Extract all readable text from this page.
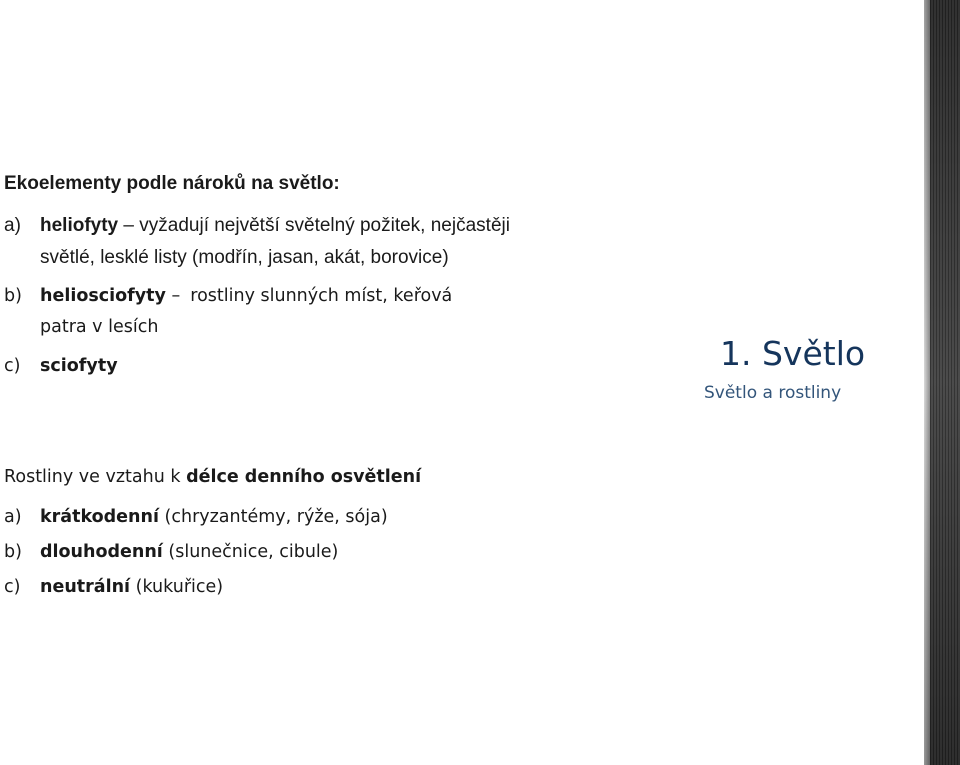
Ekoelementy podle nároků na světlo:
a) heliofyty – vyžadují největší světelný požitek, nejčastěji světlé, lesklé listy (modřín, jasan, akát, borovice)
b) heliosciofyty – rostliny slunných míst, keřová
patra v lesích
c) sciofyty
Rostliny ve vztahu k délce denního osvětlení
a) krátkodenní (chryzantémy, rýže, sója)
b) dlouhodenní (slunečnice, cibule)
c) neutrální (kukuřice)
1. Světlo
Světlo a rostliny
